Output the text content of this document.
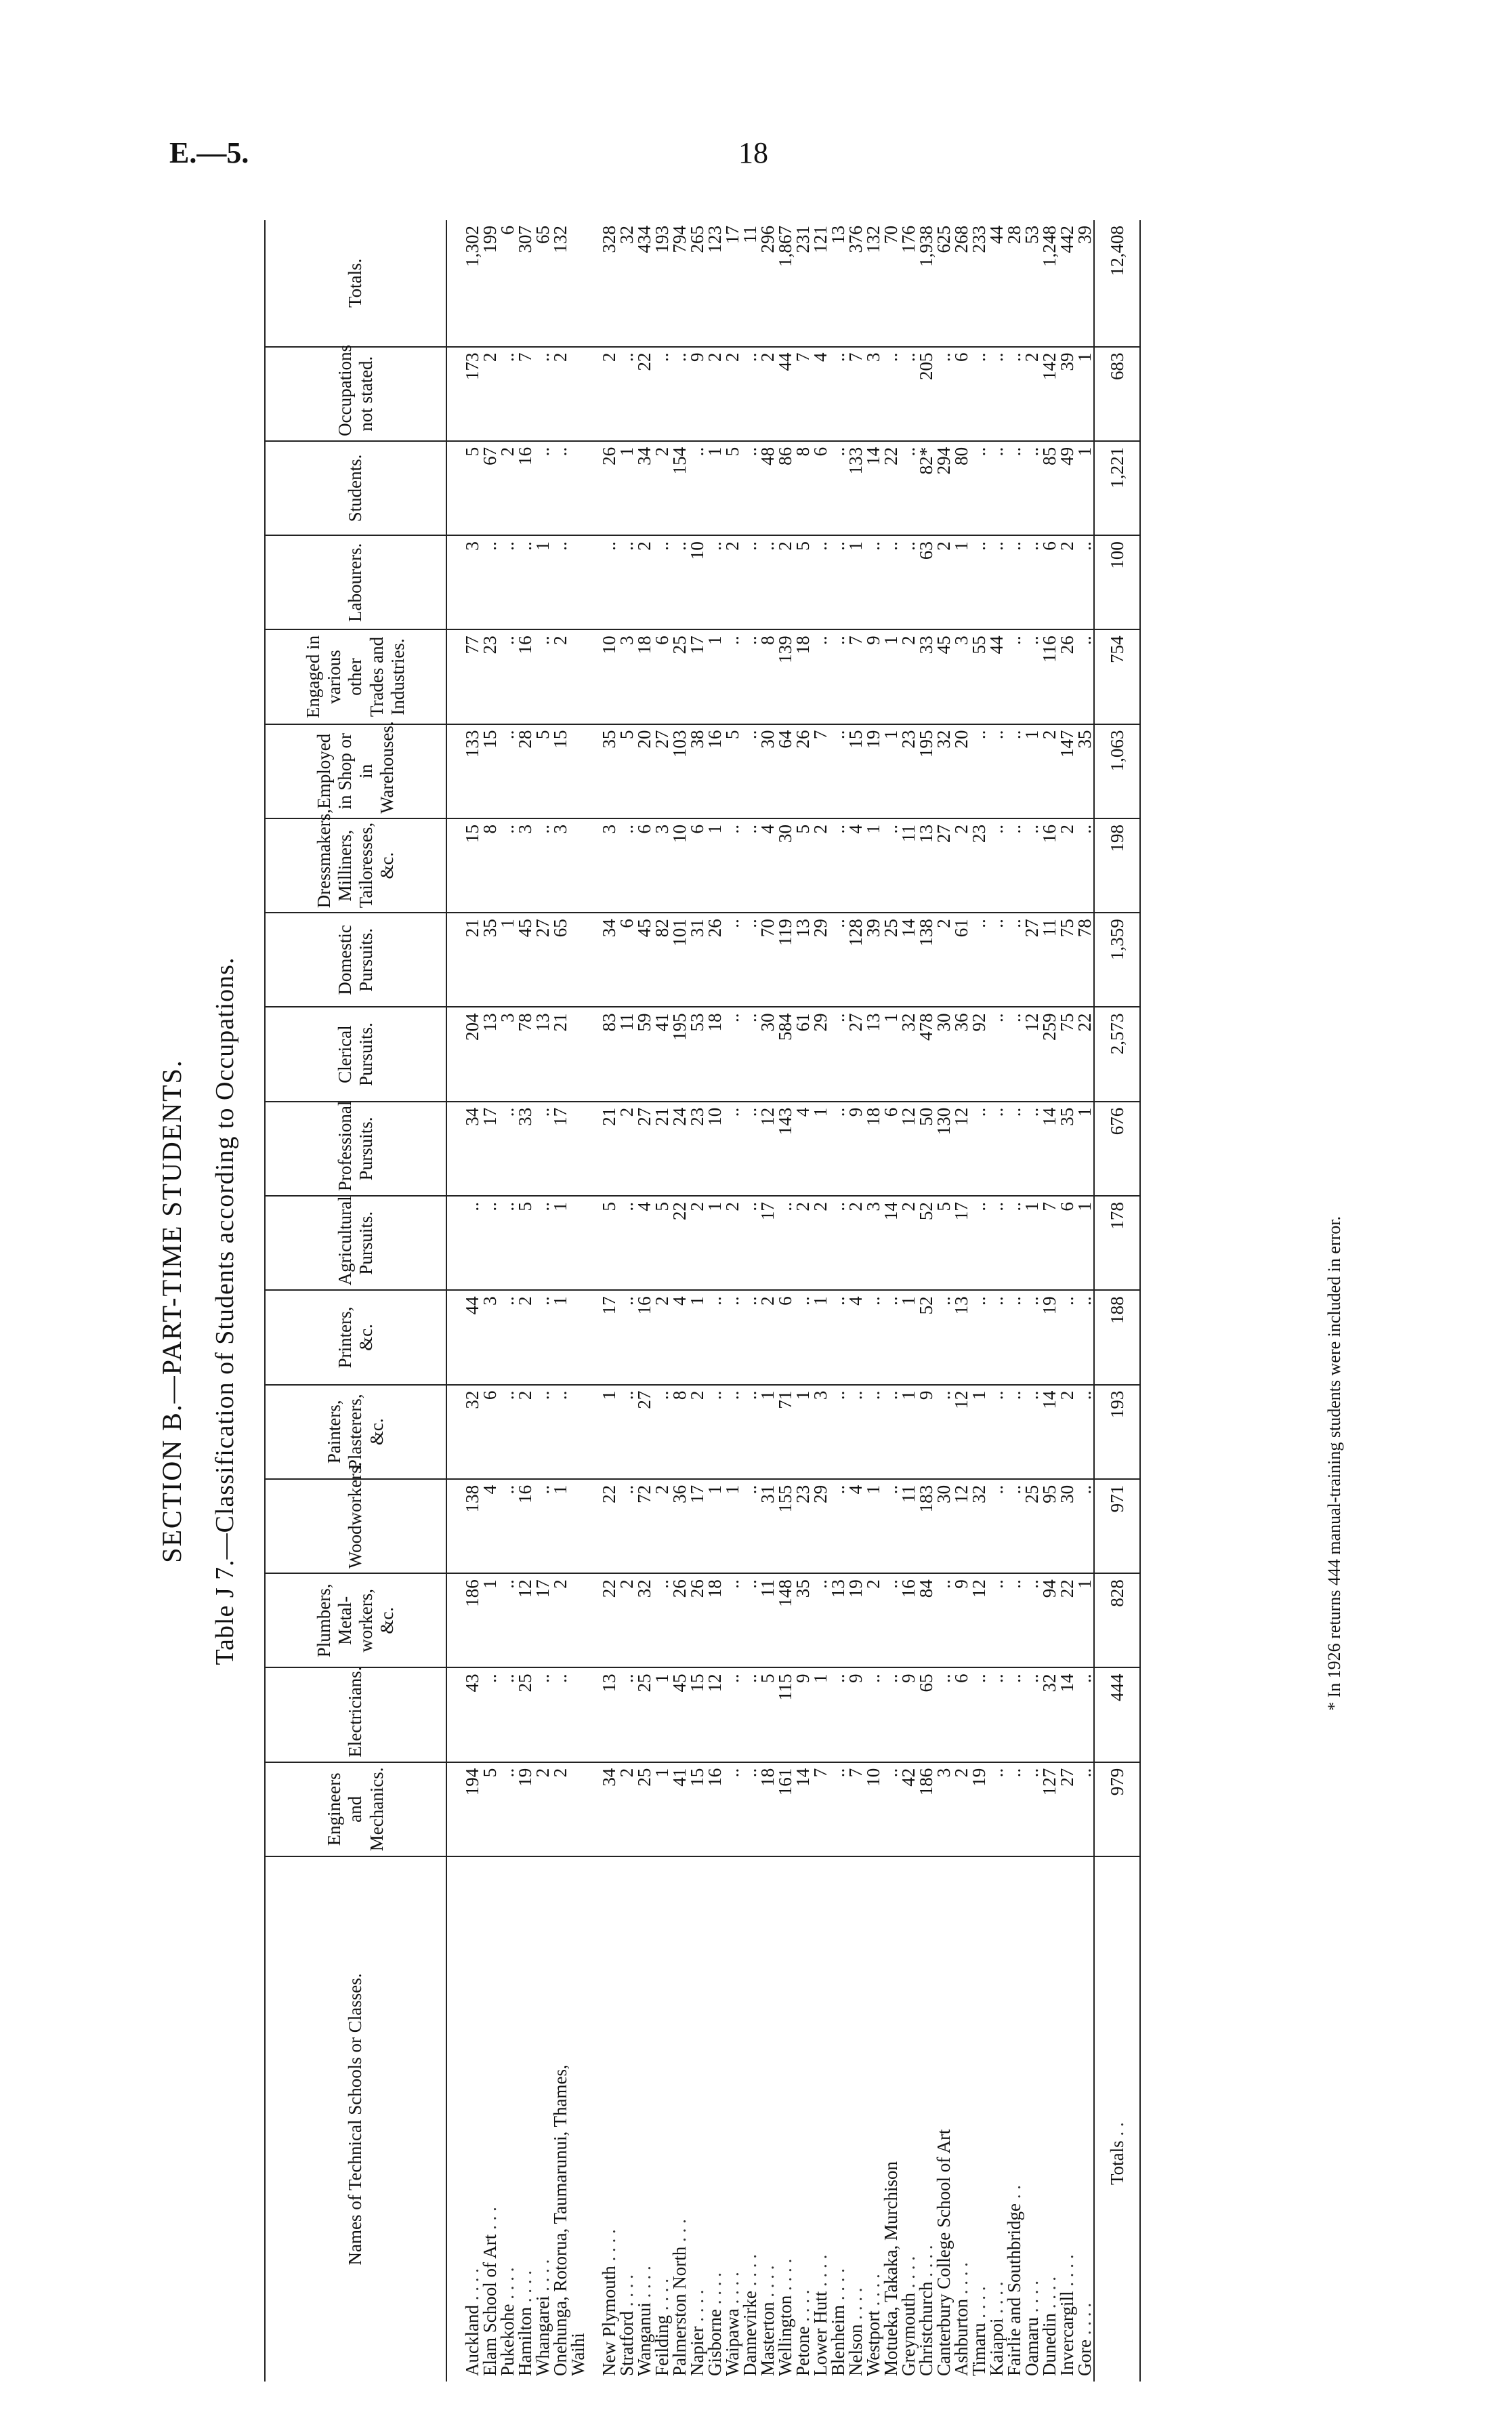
E.—5.	18
SECTION B.—PART-TIME STUDENTS. Table J 7.—Classification of Students according to Occupations.
Names of Technical Schools or Classes.	Engineers and Mechanics.	Electricians.	Plumbers, Metal-workers, &c.	Woodworkers.	Painters, Plasterers, &c.	Printers, &c.	Agricultural Pursuits.	Professional Pursuits.	Clerical Pursuits.	Domestic Pursuits.	Dressmakers, Milliners, Tailoresses, &c.	Employed in Shop or in Warehouses.	Engaged in various other Trades and Industries.	Labourers.	Students.	Occupations not stated.	Totals.
Auckland . . . .	194	43	186	138	32	44	..	34	204	21	15	133	77	3	5	173	1,302
Elam School of Art . . .	5	..	1	4	6	3	..	17	13	35	8	15	23	..	67	2	199
Pukekohe . . . .	..	..	..	..	..	..	..	..	3	1	..	..	..	..	2	..	6
Hamilton . . . .	19	25	12	16	2	2	5	33	78	45	3	28	16	..	16	7	307
Whangarei . . . .	2	..	17	..	..	..	..	..	13	27	..	5	..	1	..	..	65
Onehunga, Rotorua, Taumarunui, Thames,	2	..	2	1	..	1	1	17	21	65	3	15	2	..	..	2	132
Waihi																	
New Plymouth . . . .	34	13	22	22	1	17	5	21	83	34	3	35	10	..	26	2	328
Stratford . . . .	2	..	2	..	..	..	..	2	11	6	..	5	3	..	1	..	32
Wanganui . . . .	25	25	32	72	27	16	4	27	59	45	6	20	18	2	34	22	434
Feilding . . . .	1	1	..	2	..	2	5	21	41	82	3	27	6	..	2	..	193
Palmerston North . . .	41	45	26	36	8	4	22	24	195	101	10	103	25	..	154	..	794
Napier . . . .	15	15	26	17	2	1	2	23	53	31	6	38	17	10	..	9	265
Gisborne . . . .	16	12	18	1	..	..	1	10	18	26	1	16	1	..	1	2	123
Waipawa . . . .	..	..	..	1	..	..	2	..	..	..	..	5	..	2	5	2	17
Dannevirke . . . .	..	..	..	..	..	..	..	..	..	..	..	..	..	..	..	..	11
Masterton . . . .	18	5	11	31	1	2	17	12	30	70	4	30	8	..	48	2	296
Wellington . . . .	161	115	148	155	71	6	..	143	584	119	30	64	139	2	86	44	1,867
Petone . . . .	14	9	35	23	1	..	2	4	61	13	5	26	18	5	8	7	231
Lower Hutt . . . .	7	1	..	29	3	1	2	1	29	29	2	7	..	..	6	4	121
Blenheim . . . .	..	..	13	..	..	..	..	..	..	..	..	..	..	..	..	..	13
Nelson . . . .	7	9	19	4	..	4	2	9	27	128	4	15	7	1	133	7	376
Westport . . . .	10	..	2	1	..	..	3	18	13	39	1	19	9	..	14	3	132
Motueka, Takaka, Murchison	..	..	..	..	..	..	14	6	1	25	..	1	1	..	22	..	70
Greymouth . . . .	42	9	16	11	1	1	2	12	32	14	11	23	2	..	..	..	176
Christchurch . . . .	186	65	84	183	9	52	52	50	478	138	13	195	33	63	82*	205	1,938
Canterbury College School of Art	3	..	..	30	..	..	5	130	30	2	27	32	45	2	294	..	625
Ashburton . . . .	2	6	9	12	12	13	17	12	36	61	2	20	3	1	80	6	268
Timaru . . . .	19	..	12	32	1	..	..	..	92	..	23	..	55	..	..	..	233
Kaiapoi . . . .	..	..	..	..	..	..	..	..	..	..	..	..	44	..	..	..	44
Fairlie and Southbridge . .	..	..	..	..	..	..	..	..	..	..	..	..	..	..	..	..	28
Oamaru . . . .	..	..	..	25	..	..	1	..	12	27	..	1	..	..	..	2	53
Dunedin . . . .	127	32	94	95	14	19	7	14	259	11	16	2	116	6	85	142	1,248
Invercargill . . . .	27	14	22	30	2	..	6	35	75	75	2	147	26	2	49	39	442
Gore . . . .	..	..	1	..	..	..	1	1	22	78	..	35	..	..	1	1	39
Totals . .	979	444	828	971	193	188	178	676	2,573	1,359	198	1,063	754	100	1,221	683	12,408
* In 1926 returns 444 manual-training students were included in error.
